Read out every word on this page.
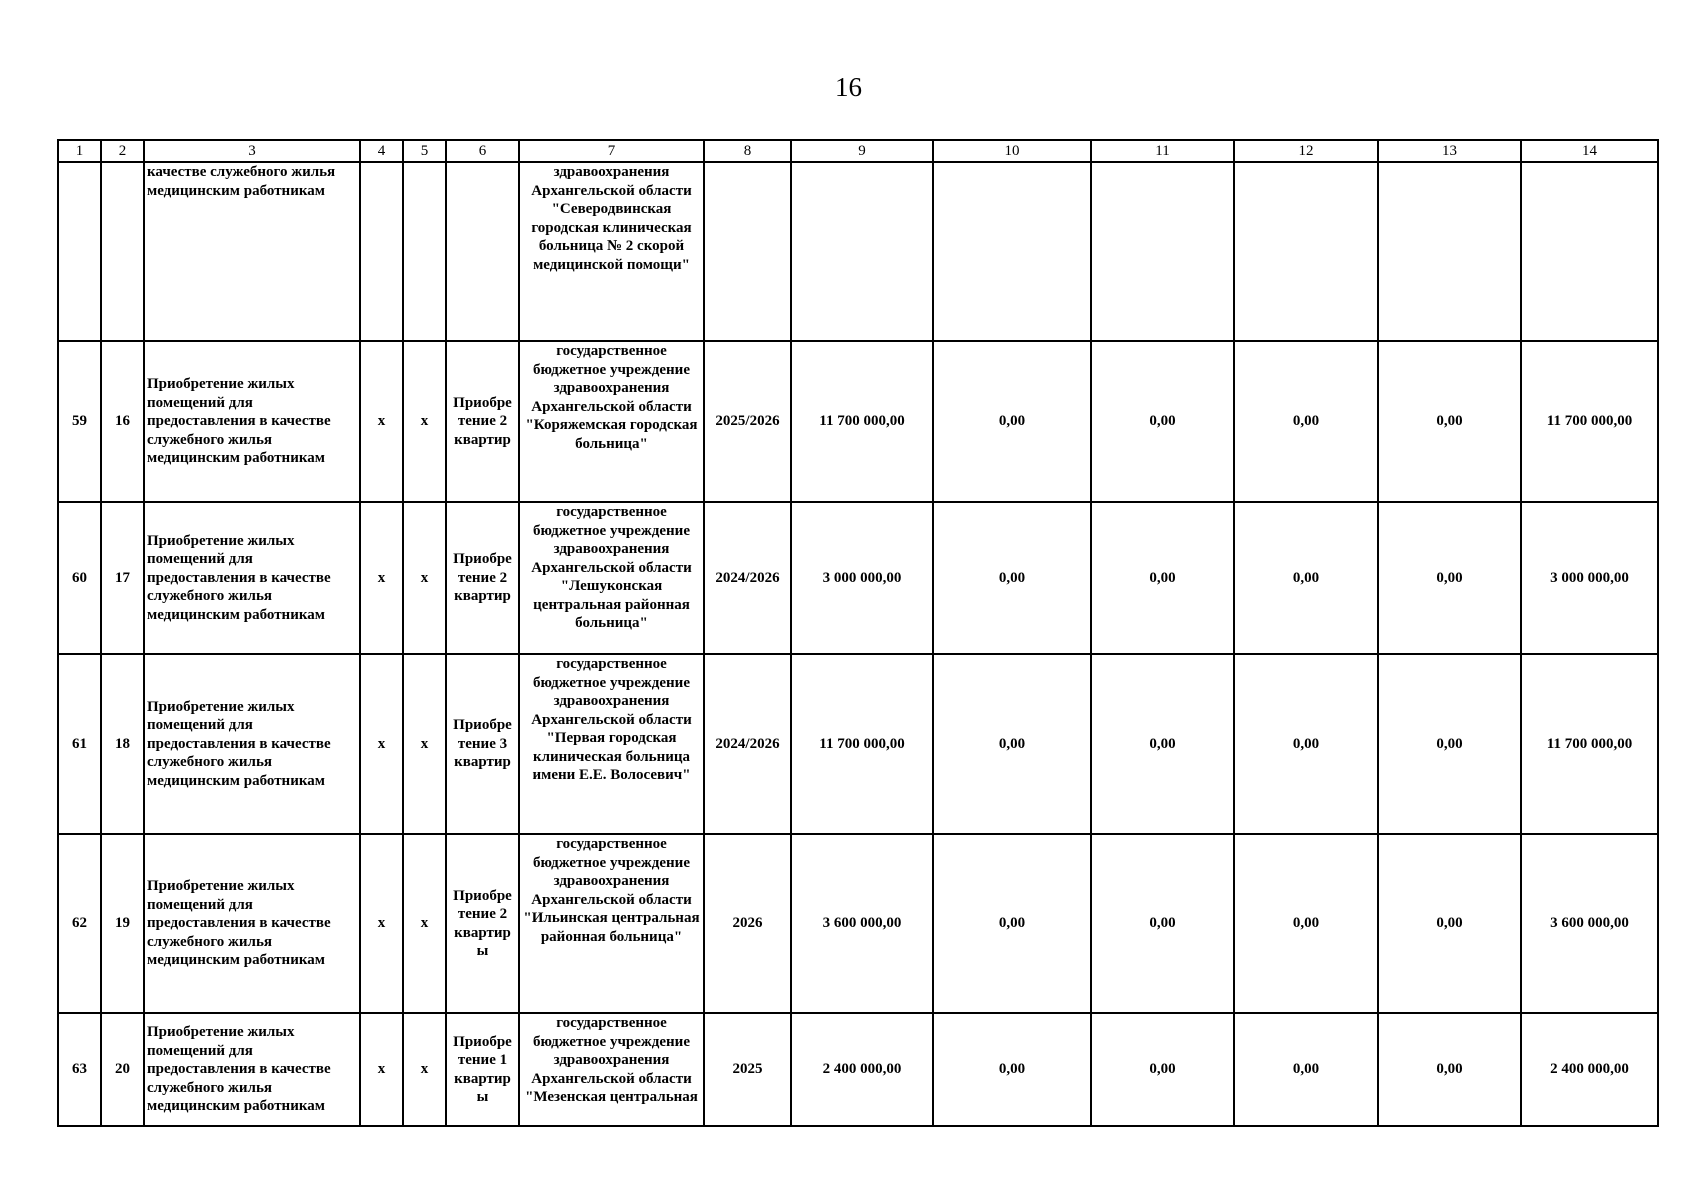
16
1	2	3	4	5	6	7	8	9	10	11	12	13	14
		качестве служебного жилья медицинским работникам				здравоохранения Архангельской области "Северодвинская городская клиническая больница № 2 скорой медицинской помощи"							
59	16	Приобретение жилых помещений для предоставления в качестве служебного жилья медицинским работникам	х	х	Приобре тение 2 квартир	государственное бюджетное учреждение здравоохранения Архангельской области "Коряжемская городская больница"	2025/2026	11 700 000,00	0,00	0,00	0,00	0,00	11 700 000,00
60	17	Приобретение жилых помещений для предоставления в качестве служебного жилья медицинским работникам	х	х	Приобре тение 2 квартир	государственное бюджетное учреждение здравоохранения Архангельской области "Лешуконская центральная районная больница"	2024/2026	3 000 000,00	0,00	0,00	0,00	0,00	3 000 000,00
61	18	Приобретение жилых помещений для предоставления в качестве служебного жилья медицинским работникам	х	х	Приобре тение 3 квартир	государственное бюджетное учреждение здравоохранения Архангельской области "Первая городская клиническая больница имени Е.Е. Волосевич"	2024/2026	11 700 000,00	0,00	0,00	0,00	0,00	11 700 000,00
62	19	Приобретение жилых помещений для предоставления в качестве служебного жилья медицинским работникам	х	х	Приобре тение 2 квартир ы	государственное бюджетное учреждение здравоохранения Архангельской области "Ильинская центральная районная больница"	2026	3 600 000,00	0,00	0,00	0,00	0,00	3 600 000,00
63	20	Приобретение жилых помещений для предоставления в качестве служебного жилья медицинским работникам	х	х	Приобре тение 1 квартир ы	государственное бюджетное учреждение здравоохранения Архангельской области "Мезенская центральная	2025	2 400 000,00	0,00	0,00	0,00	0,00	2 400 000,00
